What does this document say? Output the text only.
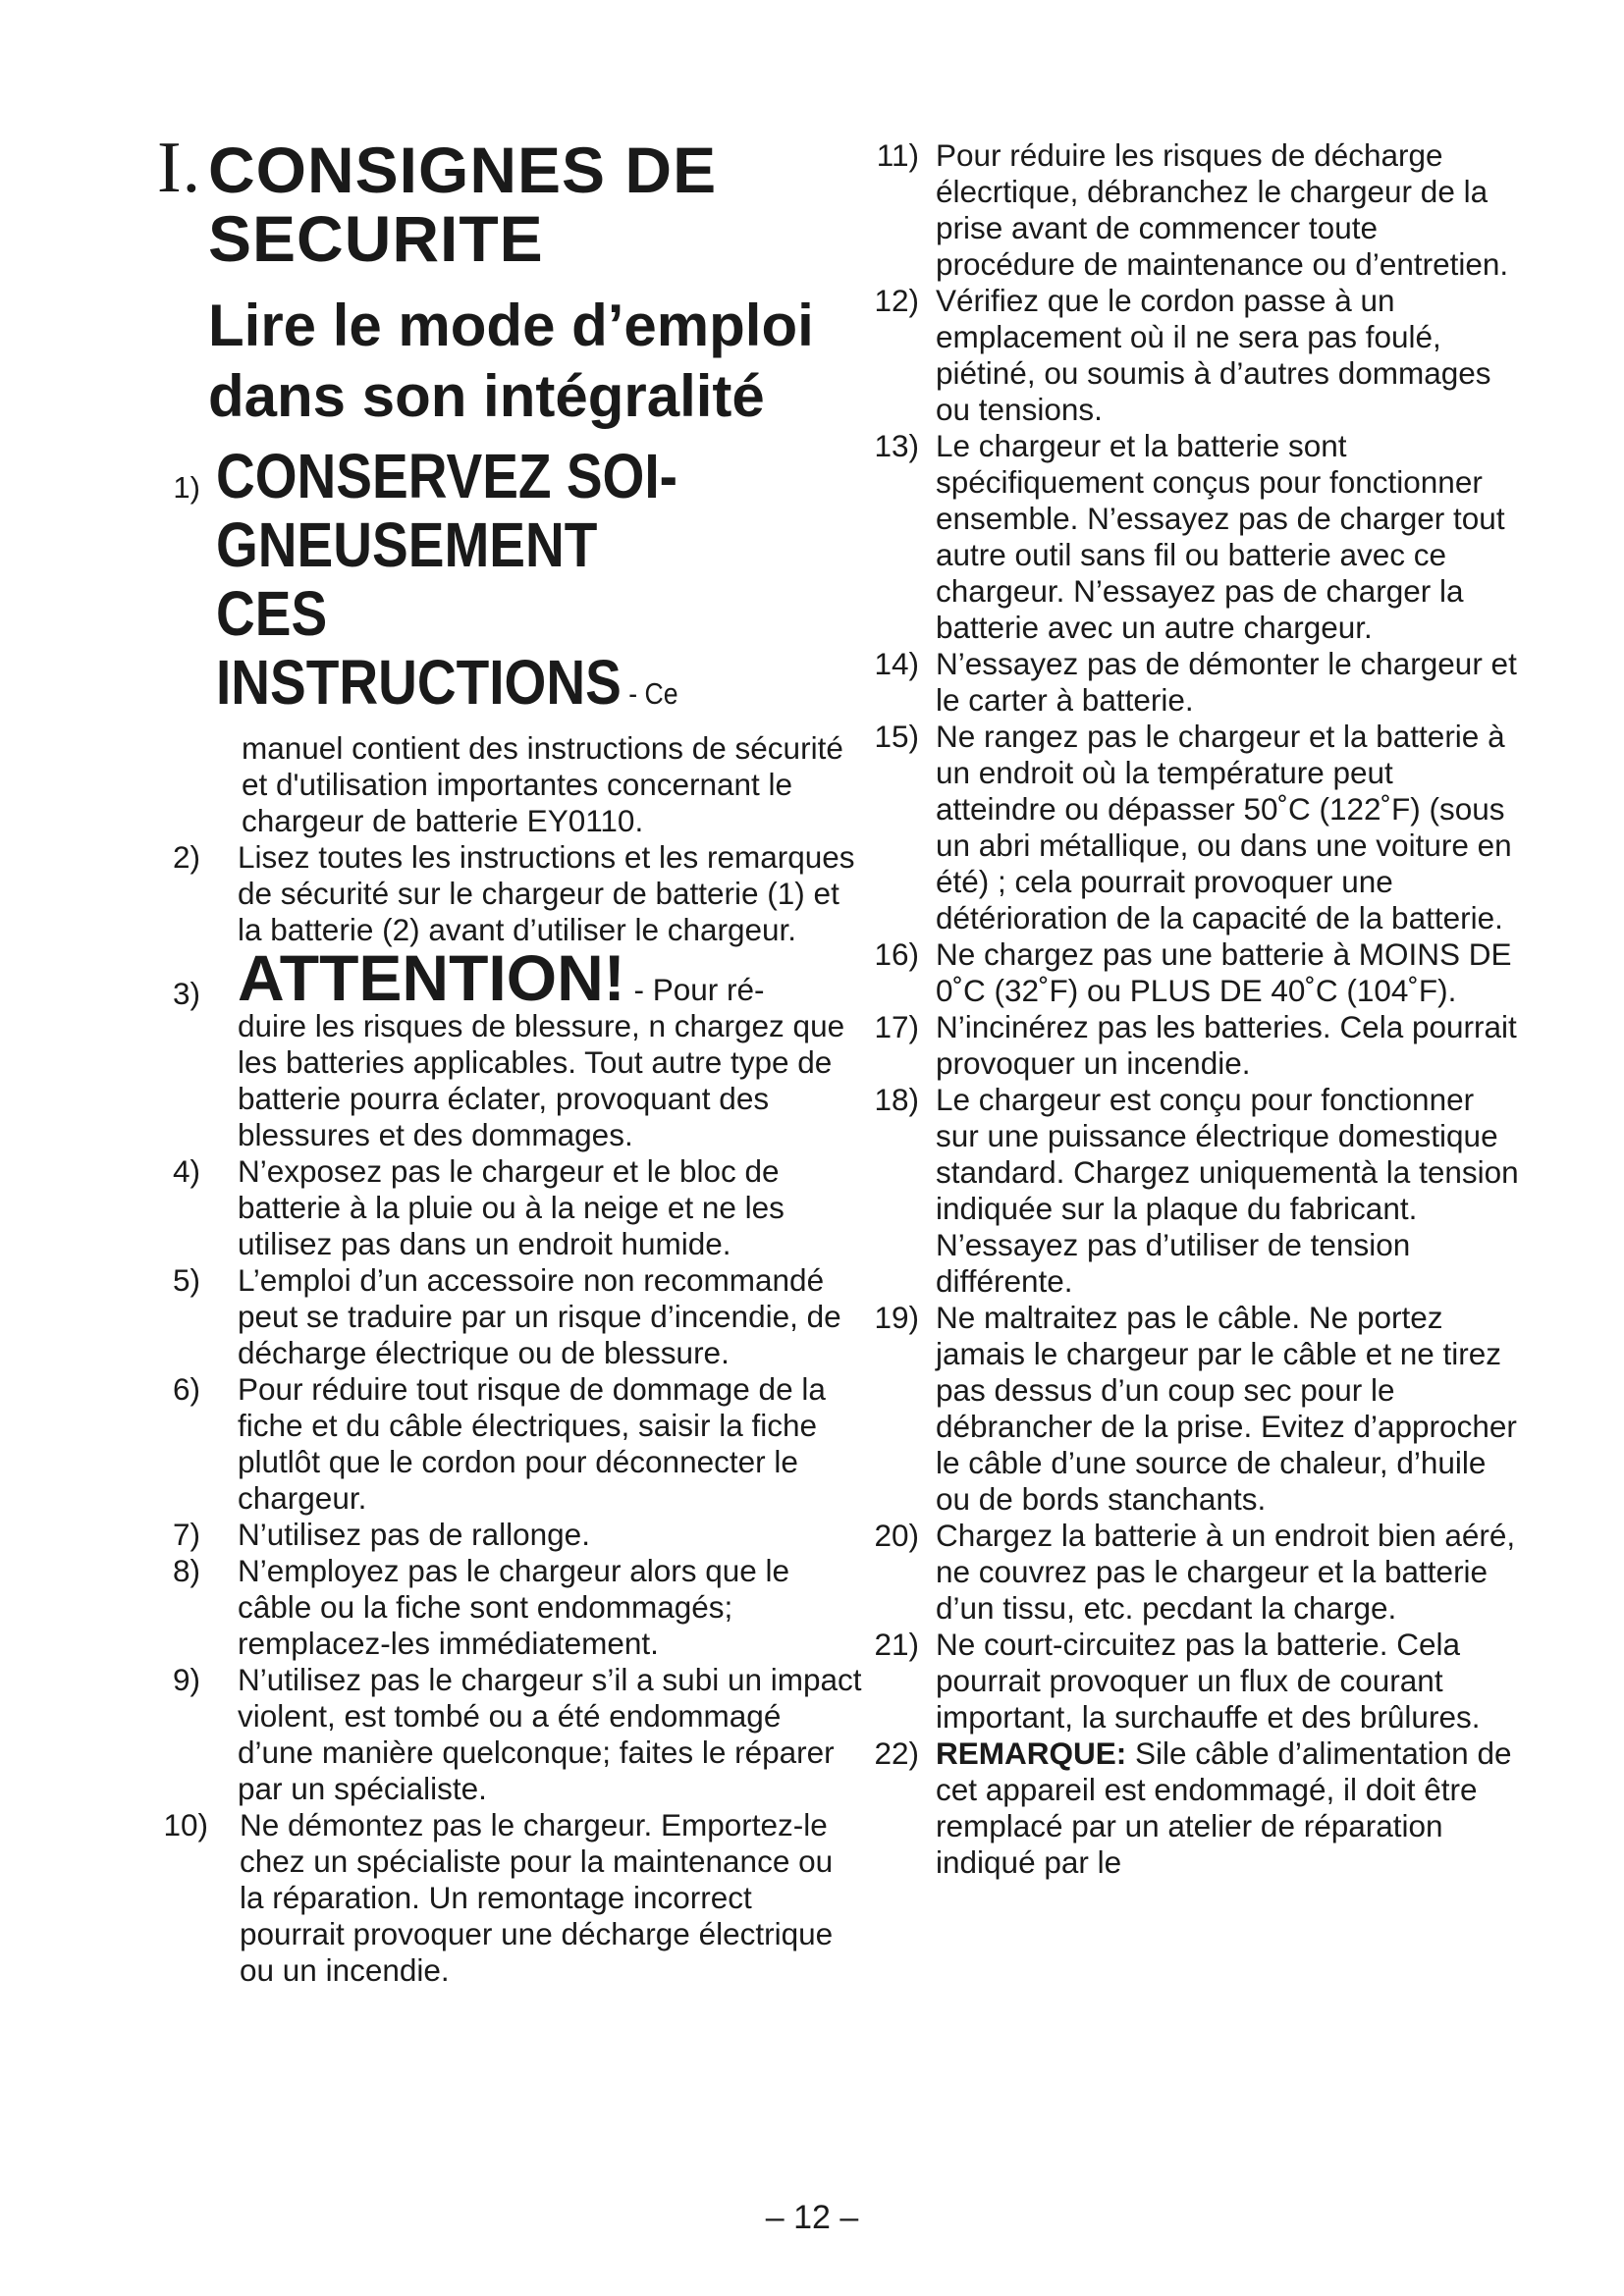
I. CONSIGNES DE
SECURITE
Lire le mode d’emploi
dans son intégralité

1) CONSERVEZ SOI-
GNEUSEMENT CES
INSTRUCTIONS - Ce
manuel contient des instructions de sécurité et d'utilisation importantes concernant le chargeur de batterie EY0110.

2) Lisez toutes les instructions et les remarques de sécurité sur le chargeur de batterie (1) et la batterie (2) avant d’utiliser le chargeur.

3) ATTENTION! - Pour ré-
duire les risques de blessure, n chargez que les batteries applicables. Tout autre type de batterie pourra éclater, provoquant des blessures et des dommages.

4) N’exposez pas le chargeur et le bloc de batterie à la pluie ou à la neige et ne les utilisez pas dans un endroit humide.

5) L’emploi d’un accessoire non recommandé peut se traduire par un risque d’incendie, de décharge électrique ou de blessure.

6) Pour réduire tout risque de dommage de la fiche et du câble électriques, saisir la fiche plutlôt que le cordon pour déconnecter le chargeur.

7) N’utilisez pas de rallonge.

8) N’employez pas le chargeur alors que le câble ou la fiche sont endommagés; remplacez-les immédiatement.

9) N’utilisez pas le chargeur s’il a subi un impact violent, est tombé ou a été endommagé d’une manière quelconque; faites le réparer par un spécialiste.

10) Ne démontez pas le chargeur. Emportez-le chez un spécialiste pour la maintenance ou la réparation. Un remontage incorrect pourrait provoquer une décharge électrique ou un incendie.

11) Pour réduire les risques de décharge élecrtique, débranchez le chargeur de la prise avant de commencer toute procédure de maintenance ou d’entretien.

12) Vérifiez que le cordon passe à un emplacement où il ne sera pas foulé, piétiné, ou soumis à d’autres dommages ou tensions.

13) Le chargeur et la batterie sont spécifiquement conçus pour fonctionner ensemble. N’essayez pas de charger tout autre outil sans fil ou batterie avec ce chargeur. N’essayez pas de charger la batterie avec un autre chargeur.

14) N’essayez pas de démonter le chargeur et le carter à batterie.

15) Ne rangez pas le chargeur et la batterie à un endroit où la température peut atteindre ou dépasser 50˚C (122˚F) (sous un abri métallique, ou dans une voiture en été) ; cela pourrait provoquer une détérioration de la capacité de la batterie.

16) Ne chargez pas une batterie à MOINS DE 0˚C (32˚F) ou PLUS DE 40˚C (104˚F).

17) N’incinérez pas les batteries. Cela pourrait provoquer un incendie.

18) Le chargeur est conçu pour fonctionner sur une puissance électrique domestique standard. Chargez uniquementà la tension indiquée sur la plaque du fabricant. N’essayez pas d’utiliser de tension différente.

19) Ne maltraitez pas le câble. Ne portez jamais le chargeur par le câble et ne tirez pas dessus d’un coup sec pour le débrancher de la prise. Evitez d’approcher le câble d’une source de chaleur, d’huile ou de bords stanchants.

20) Chargez la batterie à un endroit bien aéré, ne couvrez pas le chargeur et la batterie d’un tissu, etc. pecdant la charge.

21) Ne court-circuitez pas la batterie. Cela pourrait provoquer un flux de courant important, la surchauffe et des brûlures.

22) REMARQUE: Sile câble d’alimentation de cet appareil est endommagé, il doit être remplacé par un atelier de réparation indiqué par le

– 12 –
